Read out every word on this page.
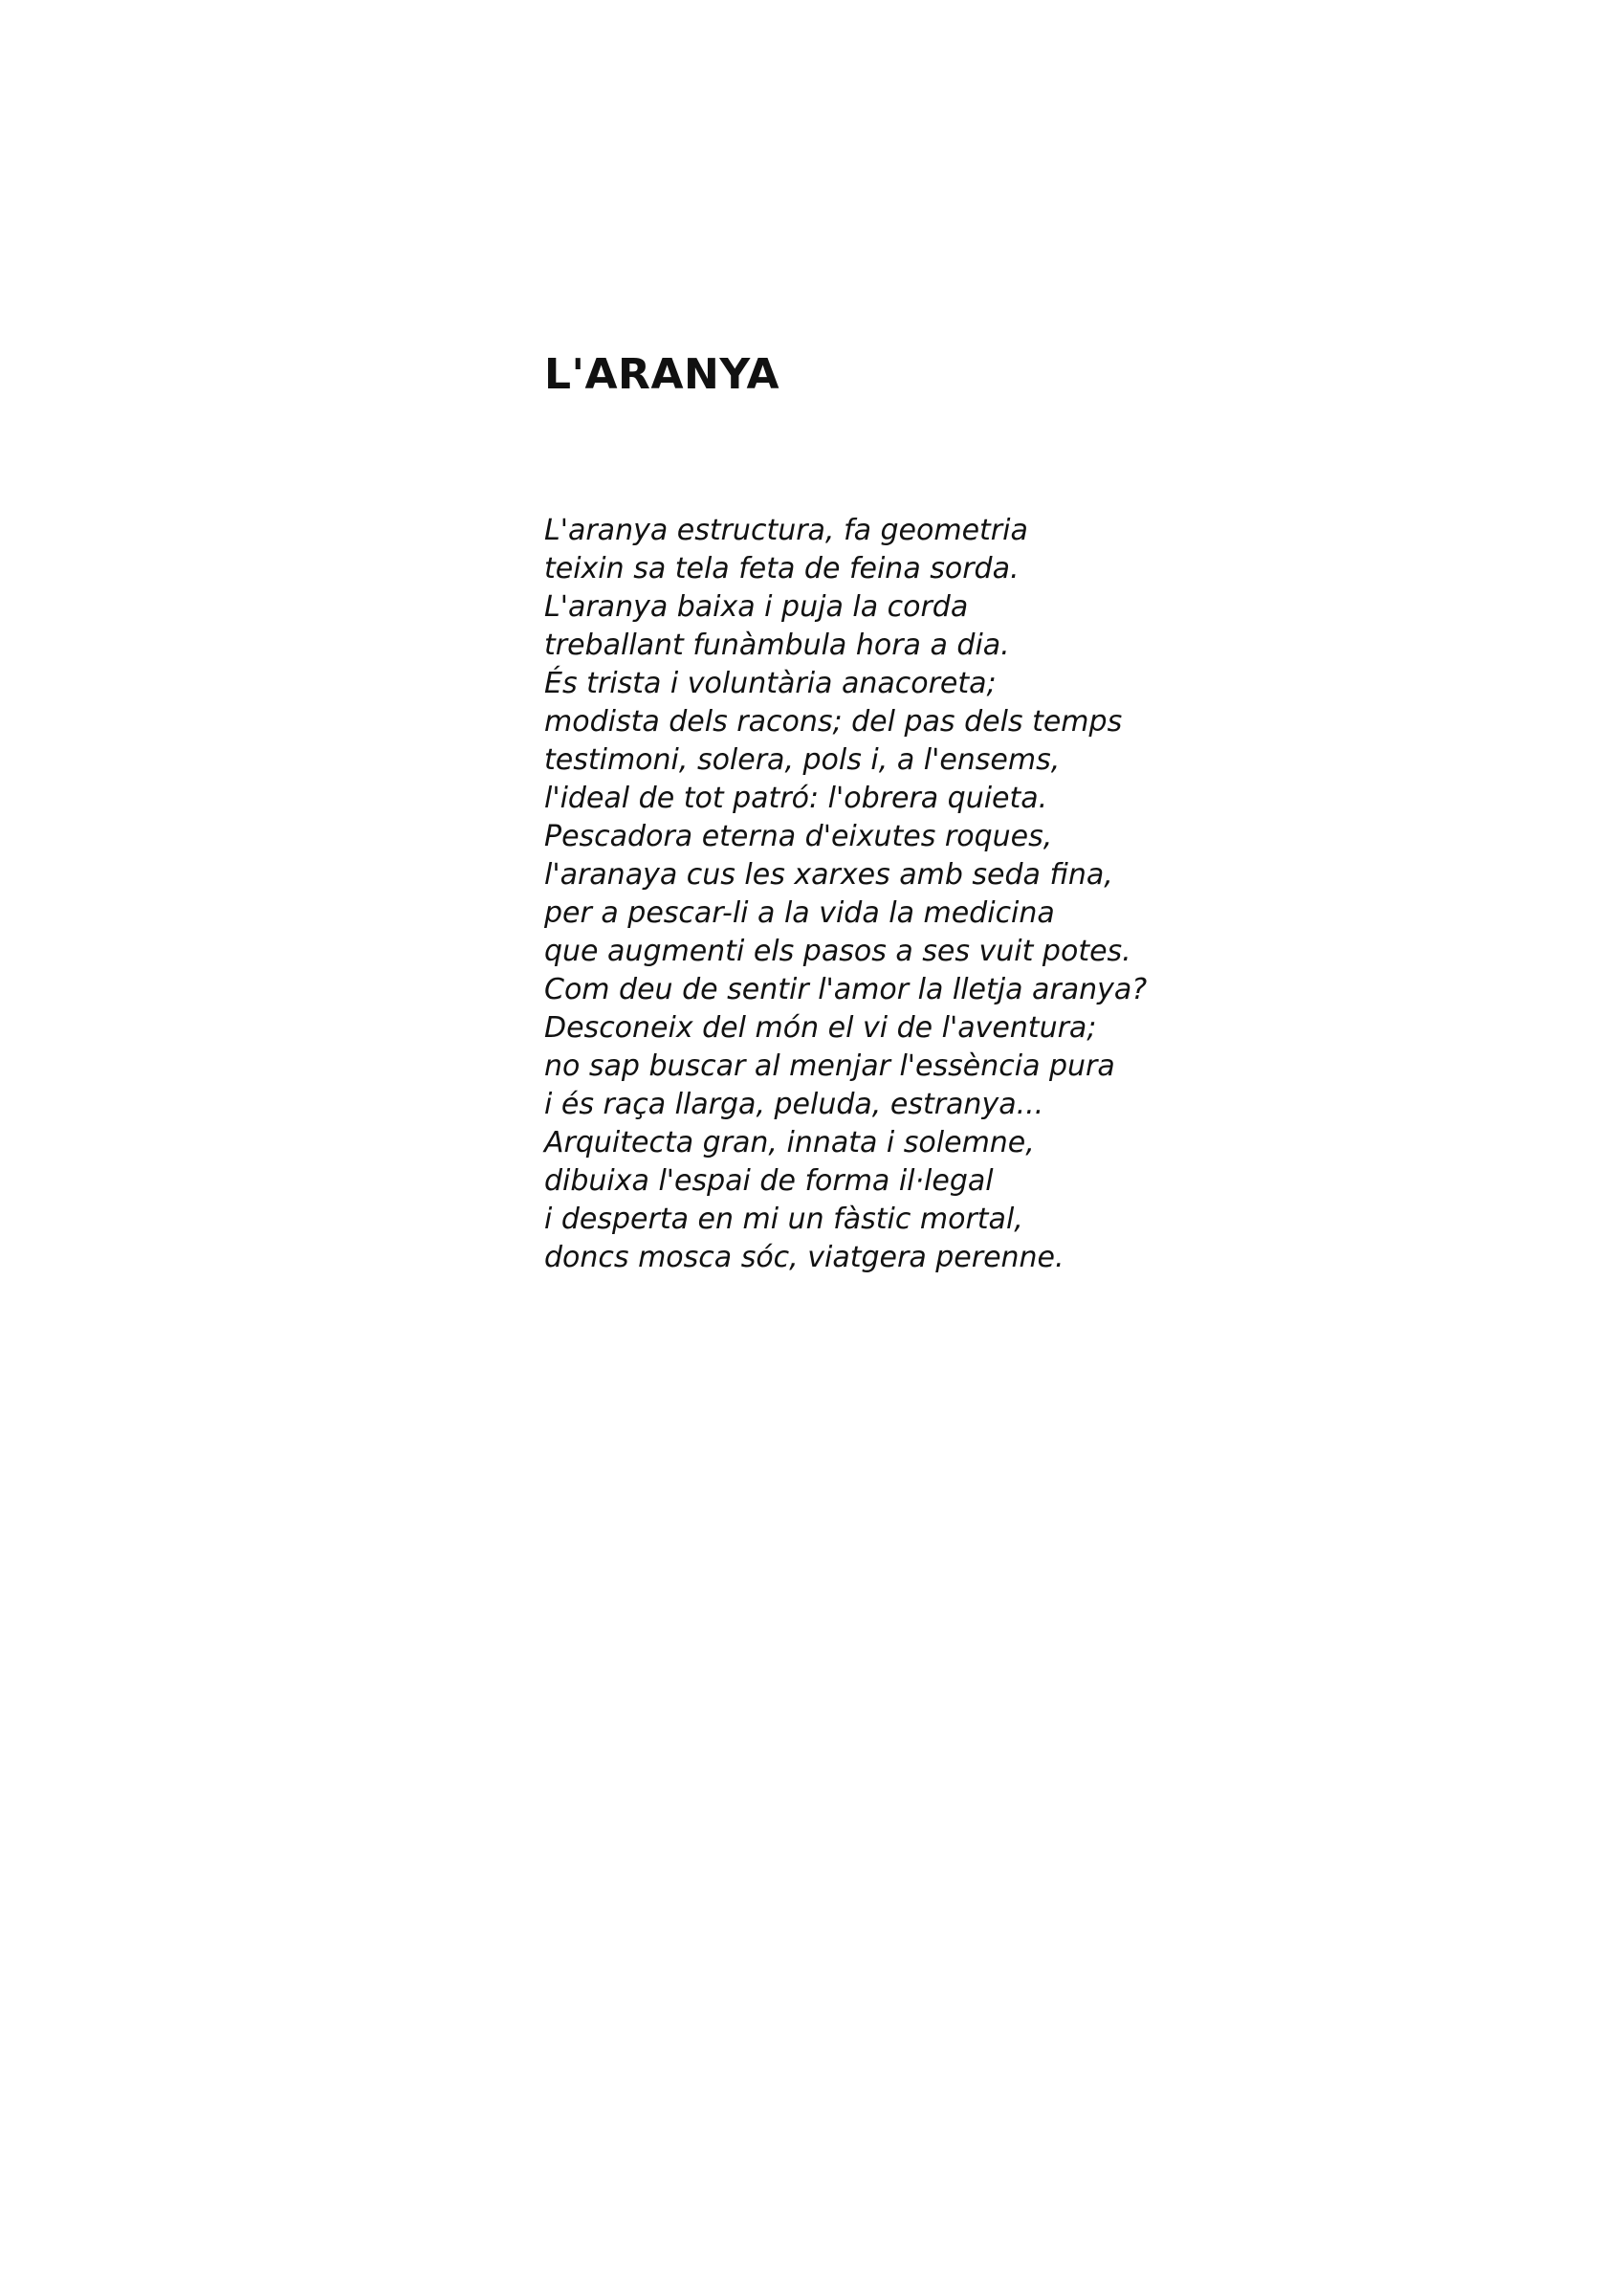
L'ARANYA
L'aranya estructura, fa geometria
teixin sa tela feta de feina sorda.
L'aranya baixa i puja la corda
treballant funàmbula hora a dia.
És trista i voluntària anacoreta;
modista dels racons; del pas dels temps
testimoni, solera, pols i, a l'ensems,
l'ideal de tot patró: l'obrera quieta.
Pescadora eterna d'eixutes roques,
l'aranaya cus les xarxes amb seda fina,
per a pescar-li a la vida la medicina
que augmenti els pasos a ses vuit potes.
Com deu de sentir l'amor la lletja aranya?
Desconeix del món el vi de l'aventura;
no sap buscar al menjar l'essència pura
i és raça llarga, peluda, estranya...
Arquitecta gran, innata i solemne,
dibuixa l'espai de forma il·legal
i desperta en mi un fàstic mortal,
doncs mosca sóc, viatgera perenne.
